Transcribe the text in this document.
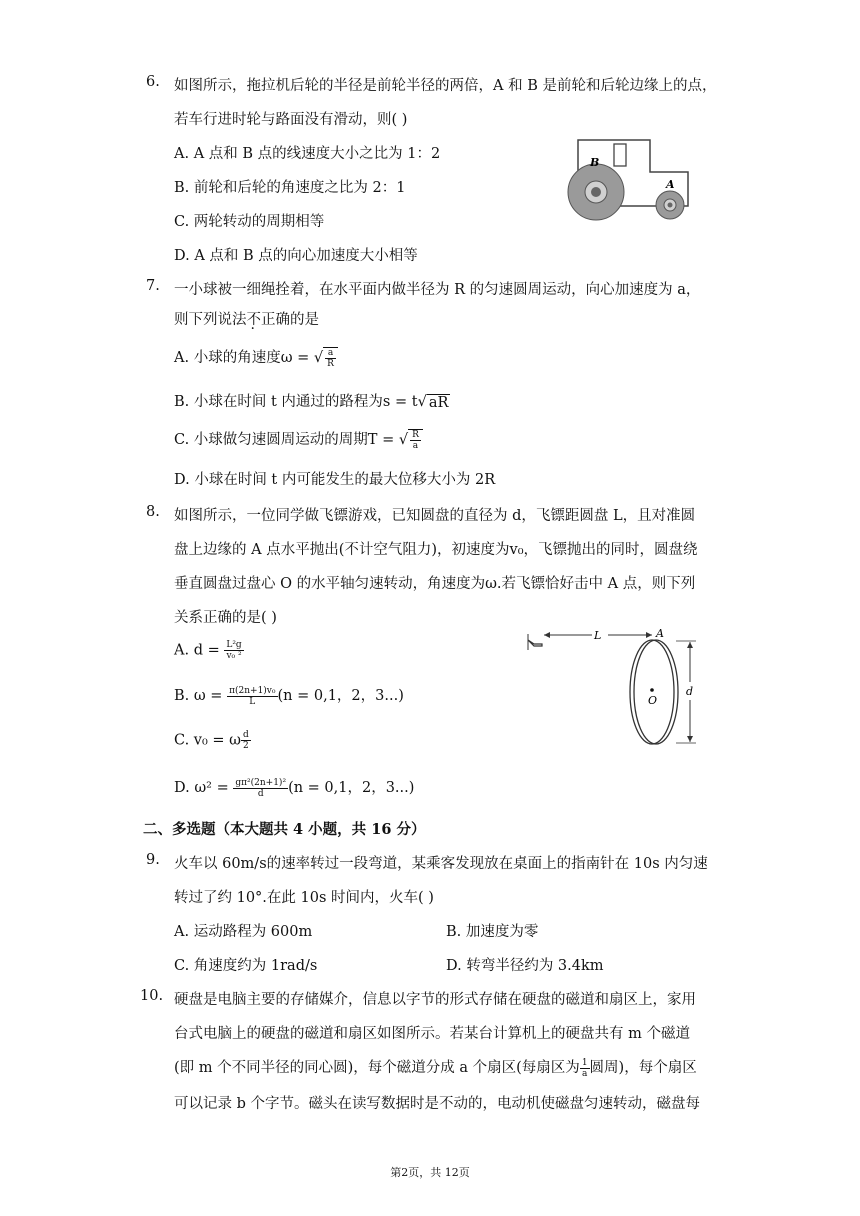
6. 如图所示，拖拉机后轮的半径是前轮半径的两倍，A 和 B 是前轮和后轮边缘上的点，
若车行进时轮与路面没有滑动，则( )
A. A 点和 B 点的线速度大小之比为 1：2
B. 前轮和后轮的角速度之比为 2：1
C. 两轮转动的周期相等
D. A 点和 B 点的向心加速度大小相等
B
A
7. 一小球被一细绳拴着，在水平面内做半径为 R 的匀速圆周运动，向心加速度为 a，
则下列说法不正确的是
A. 小球的角速度ω = √ $\frac{a}{R}$
B. 小球在时间 t 内通过的路程为s = t√ aR
C. 小球做匀速圆周运动的周期T = √ $\frac{R}{a}$
D. 小球在时间 t 内可能发生的最大位移大小为 2R
8. 如图所示，一位同学做飞镖游戏，已知圆盘的直径为 d，飞镖距圆盘 L，且对准圆
盘上边缘的 A 点水平抛出(不计空气阻力)，初速度为v₀，飞镖抛出的同时，圆盘绕
垂直圆盘过盘心 O 的水平轴匀速转动，角速度为ω.若飞镖恰好击中 A 点，则下列
关系正确的是( )
A. $d = \frac{\text{L²g}}{\text{v₀ ²}}$
B. $\omega = \frac{\text{π(2n+1)v₀}}{L} (n = 0,1$，2，3...)
C. v₀ = ω $\frac{d}{2}$
D. $\omega^2 = \frac{\text{gπ²(2n+1)²}}{d} (n = 0,1$，2，3...)
L	A
O
d
二、多选题（本大题共 4 小题，共 16 分）
9. 火车以 60m/s的速率转过一段弯道，某乘客发现放在桌面上的指南针在 10s 内匀速
转过了约 10°.在此 10s 时间内，火车( )
A. 运动路程为 600m	B. 加速度为零
C. 角速度约为 1rad/s	D. 转弯半径约为 3.4km
10. 硬盘是电脑主要的存储媒介，信息以字节的形式存储在硬盘的磁道和扇区上，家用
台式电脑上的硬盘的磁道和扇区如图所示。若某台计算机上的硬盘共有 m 个磁道
(即 m 个不同半径的同心圆)，每个磁道分成 a 个扇区(每扇区为 $\frac{1}{a}$ 圆周)，每个扇区
可以记录 b 个字节。磁头在读写数据时是不动的，电动机使磁盘匀速转动，磁盘每
第2页，共 12页
